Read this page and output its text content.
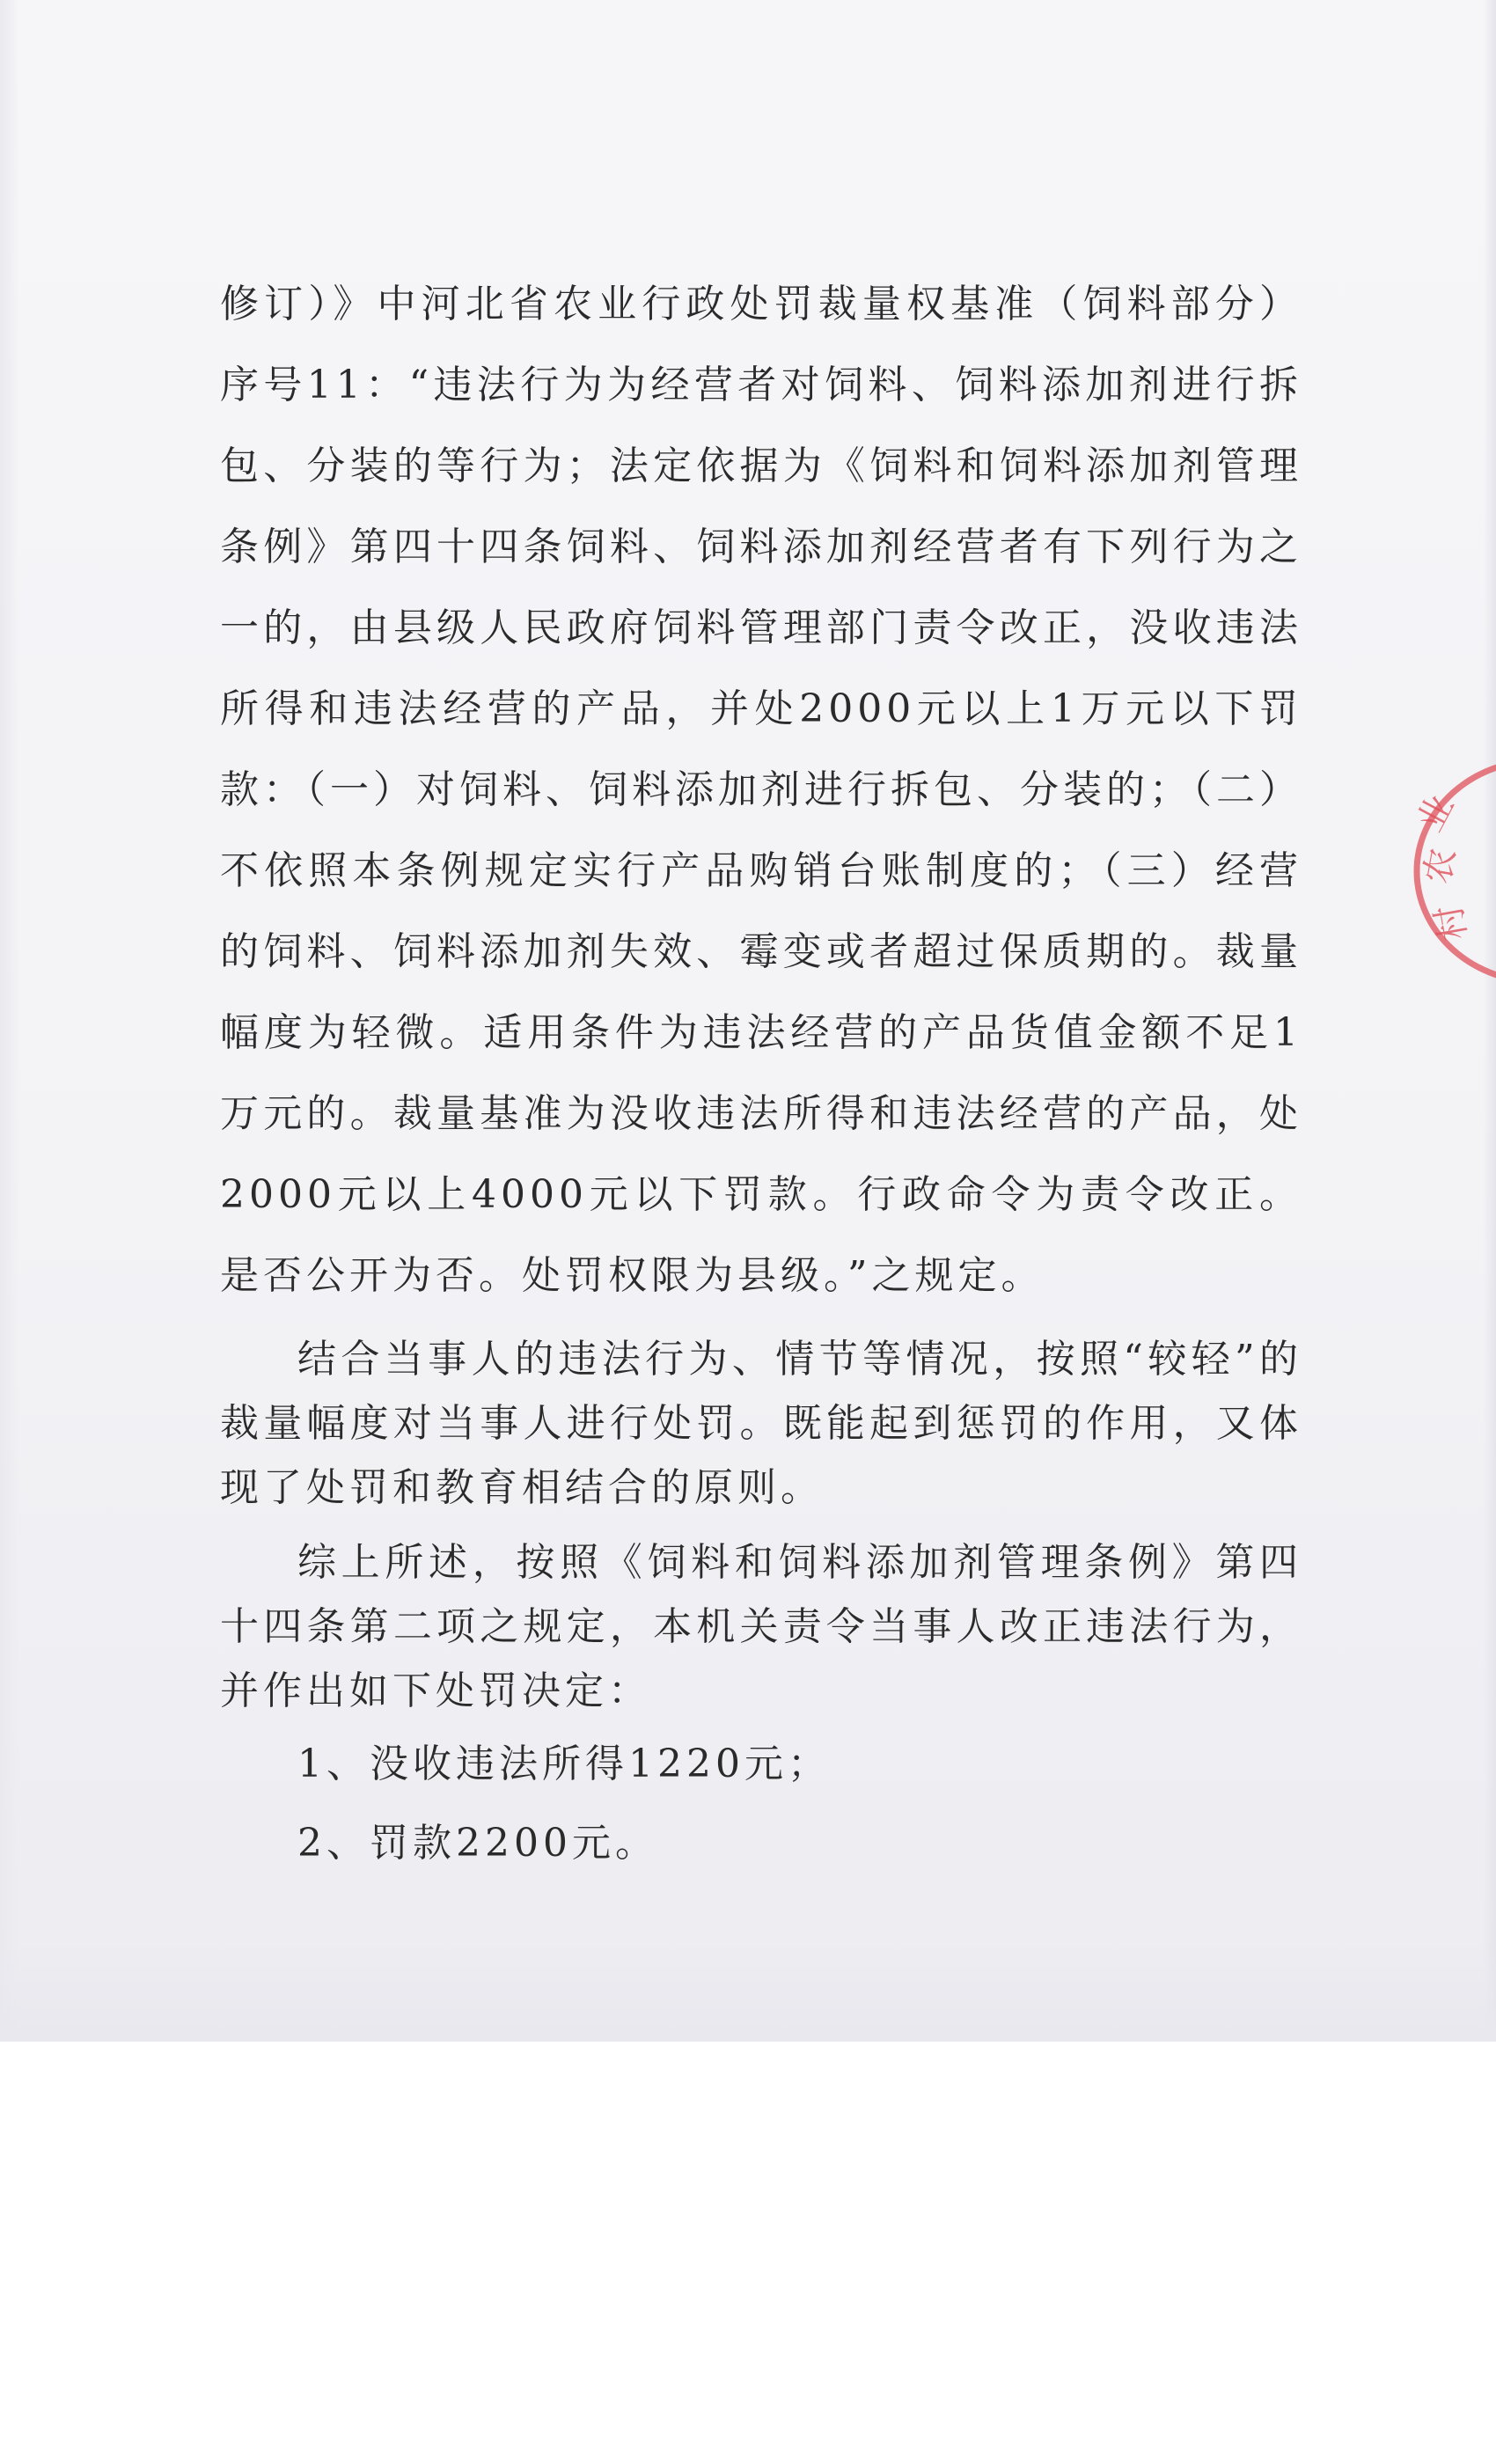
修订）》中河北省农业行政处罚裁量权基准（饲料部分）序号11：“违法行为为经营者对饲料、饲料添加剂进行拆包、分装的等行为；法定依据为《饲料和饲料添加剂管理条例》第四十四条饲料、饲料添加剂经营者有下列行为之一的，由县级人民政府饲料管理部门责令改正，没收违法所得和违法经营的产品，并处2000元以上1万元以下罚款：（一）对饲料、饲料添加剂进行拆包、分装的；（二）不依照本条例规定实行产品购销台账制度的；（三）经营的饲料、饲料添加剂失效、霉变或者超过保质期的。裁量幅度为轻微。适用条件为违法经营的产品货值金额不足1万元的。裁量基准为没收违法所得和违法经营的产品，处2000元以上4000元以下罚款。行政命令为责令改正。是否公开为否。处罚权限为县级。”之规定。

结合当事人的违法行为、情节等情况，按照“较轻”的裁量幅度对当事人进行处罚。既能起到惩罚的作用，又体现了处罚和教育相结合的原则。

综上所述，按照《饲料和饲料添加剂管理条例》第四十四条第二项之规定，本机关责令当事人改正违法行为，并作出如下处罚决定：

1、没收违法所得1220元；
2、罚款2200元。
业
农
村
